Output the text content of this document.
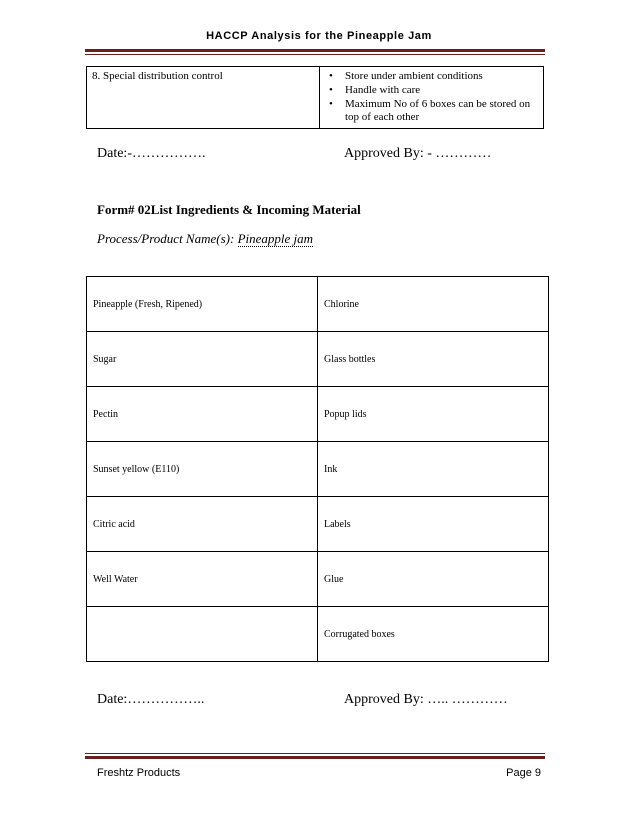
HACCP Analysis for the Pineapple Jam
8. Special distribution control	
•Store under ambient conditions
• Handle with care
• Maximum No of 6 boxes can be stored on top of each other
Date:-…………….	Approved By: - …………
Form# 02List Ingredients & Incoming Material
Process/Product Name(s): Pineapple jam
Pineapple (Fresh, Ripened)	Chlorine
Sugar	Glass bottles
Pectin	Popup lids
Sunset yellow (E110)	Ink
Citric acid	Labels
Well Water	Glue
	Corrugated boxes
Date:……………..	Approved By: ….. …………
Freshtz Products	Page 9
